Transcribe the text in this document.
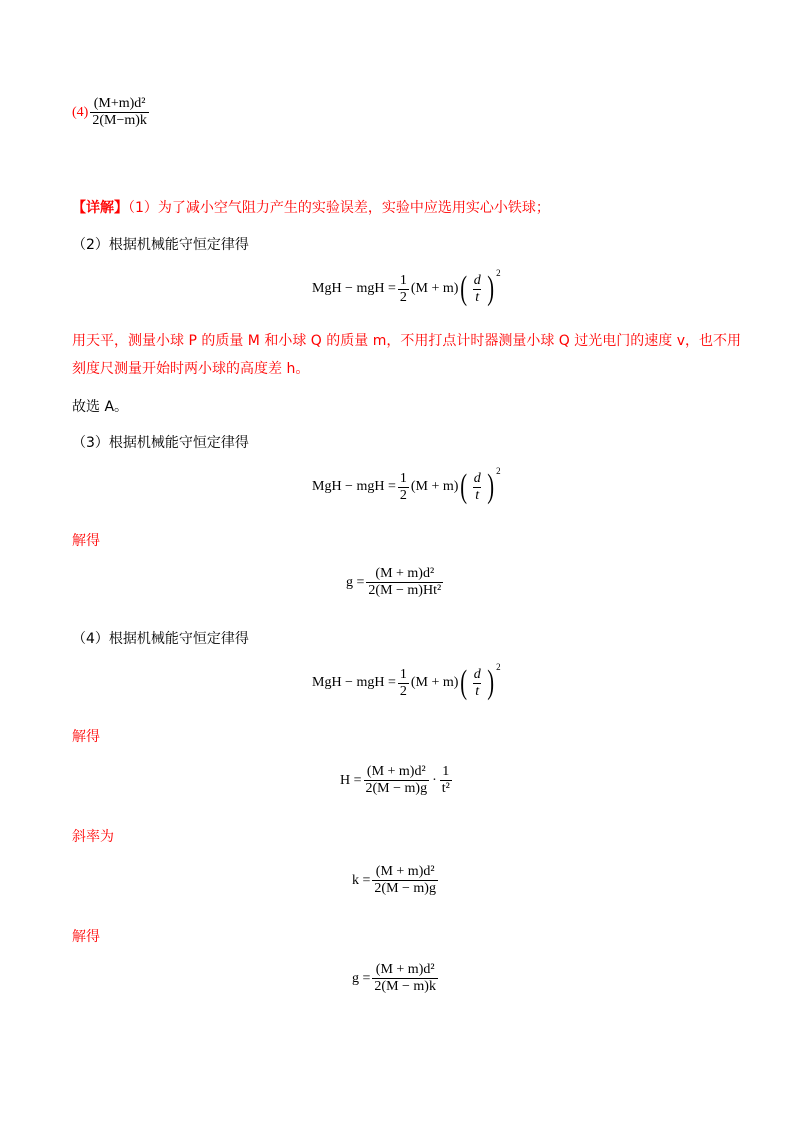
$(4) \frac{\text{(M+m)d²}}{2(M-m)k}$
【详解】（1）为了减小空气阻力产生的实验误差，实验中应选用实心小铁球；
（2）根据机械能守恒定律得
MgH − mgH = $\frac{1}{2} (M + m)$ ( $\frac{d}{t}$ ) 2
用天平，测量小球 P 的质量 M 和小球 Q 的质量 m，不用打点计时器测量小球 Q 过光电门的速度 v，也不用
刻度尺测量开始时两小球的高度差 h。
故选 A。
（3）根据机械能守恒定律得
MgH − mgH = $\frac{1}{2} (M + m)$ ( $\frac{d}{t}$ ) 2
解得
$g = \frac{\text{(M + m)d²}}{\text{2(M − m)Ht²}}$
（4）根据机械能守恒定律得
MgH − mgH = $\frac{1}{2} (M + m)$ ( $\frac{d}{t}$ ) 2
解得
$H = \frac{\text{(M + m)d²}}{2(M - m)g} \cdot \frac{1}{\text{t²}}$
斜率为
$k = \frac{\text{(M + m)d²}}{2(M - m)g}$
解得
$g = \frac{\text{(M + m)d²}}{2(M - m)k}$
